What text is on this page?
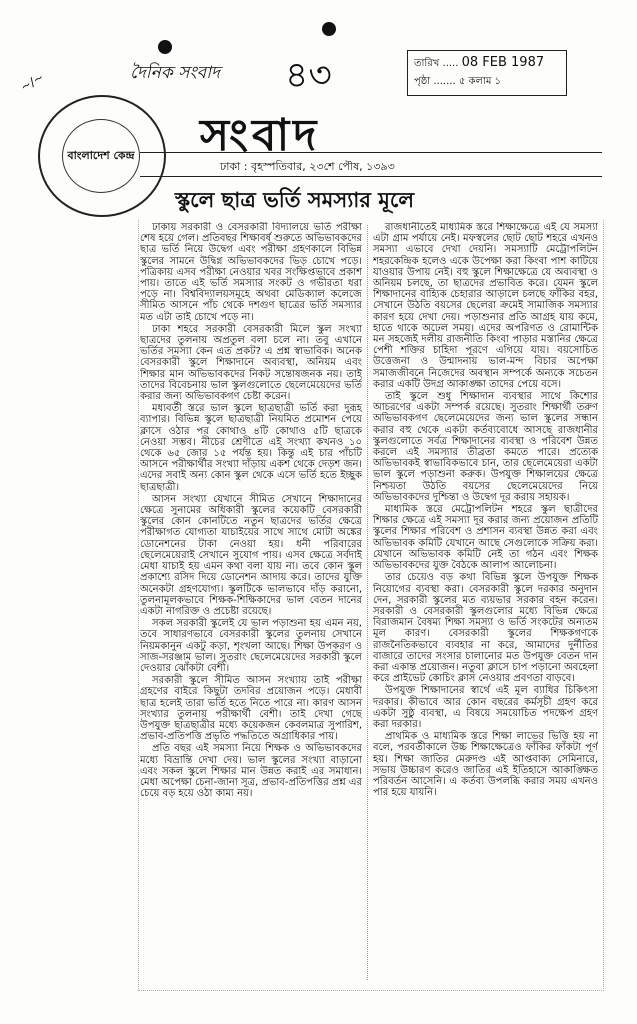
~/~	দৈনিক সংবাদ ৪৩	তারিখ ..... 08 FEB 1987
পৃষ্ঠা ....... ৫ কলাম ১
বাংলাদেশ কেন্দ্র সংবাদ
ঢাকা : বৃহস্পতিবার, ২৩শে পৌষ, ১৩৯৩
স্কুলে ছাত্র ভর্তি সমস্যার মূলে

ঢাকায় সরকারী ও বেসরকারী বিদ্যালয়ে ভর্তি পরীক্ষা শেষ হয়ে গেল। প্রতিবছর শিক্ষাবর্ষ শুরুতে অভিভাবকদের ছাত্র ভর্তি নিয়ে উদ্বেগ এবং পরীক্ষা গ্রহণকালে বিভিন্ন স্কুলের সামনে উদ্বিগ্ন অভিভাবকদের ভিড় চোখে পড়ে। পত্রিকায় এসব পরীক্ষা নেওয়ার খবর সংক্ষিপ্তভাবে প্রকাশ পায়। তাতে এই ভর্তি সমস্যার সংকট ও গভীরতা ধরা পড়ে না। বিশ্ববিদ্যালয়সমূহে অথবা মেডিক্যাল কলেজে সীমিত আসনে পাঁচ থেকে দশগুণ ছাত্রের ভর্তি সমস্যার মত এটা তাই চোখে পড়ে না।

ঢাকা শহরে সরকারী বেসরকারী মিলে স্কুল সংখ্যা ছাত্রদের তুলনায় অপ্রতুল বলা চলে না। তবু এখানে ভর্তির সমস্যা কেন এত প্রকট? এ প্রশ্ন স্বাভাবিক। অনেক বেসরকারী স্কুলে শিক্ষাদানে অব্যবস্থা, অনিয়ম এবং শিক্ষার মান অভিভাবকদের নিকট সন্তোষজনক নয়। তাই তাদের বিবেচনায় ভাল স্কুলগুলোতে ছেলেমেয়েদের ভর্তি করার জন্য অভিভাবকগণ চেষ্টা করেন।

মধ্যবর্তী স্তরে ভাল স্কুলে ছাত্রছাত্রী ভর্তি করা দুরূহ ব্যাপার। বিভিন্ন স্কুলে ছাত্রছাত্রী নিয়মিত প্রমোশন পেয়ে ক্লাসে ওঠার পর কোথাও ৪টি কোথাও ৫টি ছাত্রকে নেওয়া সম্ভব। নীচের শ্রেণীতে এই সংখ্যা কখনও ১০ থেকে ৬৫ জোর ১৫ পর্যন্ত হয়। কিন্তু এই চার পাঁচটি আসনে পরীক্ষার্থীর সংখ্যা দাঁড়ায় একশ থেকে দেড়শ জন। এদের সবাই অন্য কোন স্কুল থেকে এসে ভর্তি হতে ইচ্ছুক ছাত্রছাত্রী।

আসন সংখ্যা যেখানে সীমিত সেখানে শিক্ষাদানের ক্ষেত্রে সুনামের অধিকারী স্কুলের কয়েকটি বেসরকারী স্কুলের কোন কোনটিতে নতুন ছাত্রদের ভর্তির ক্ষেত্রে পরীক্ষাগত যোগ্যতা যাচাইয়ের সাথে সাথে মোটা অঙ্কের ডোনেশনের টাকা নেওয়া হয়। ধনী পরিবারের ছেলেমেয়েরাই সেখানে সুযোগ পায়। এসব ক্ষেত্রে সর্বদাই মেধা যাচাই হয় এমন কথা বলা যায় না। তবে কোন স্কুল প্রকাশ্যে রসিদ দিয়ে ডোনেশন আদায় করে। তাদের যুক্তি অনেকটা গ্রহণযোগ্য। স্কুলটিকে ভালভাবে দাঁড় করানো, তুলনামূলকভাবে শিক্ষক-শিক্ষিকাদের ভাল বেতন দানের একটা নাগরিক্ত ও প্রচেষ্টা রয়েছে।

সকল সরকারী স্কুলেই যে ভাল পড়াশুনা হয় এমন নয়, তবে সাধারণভাবে বেসরকারী স্কুলের তুলনায় সেখানে নিয়মকানুন একটু কড়া, শৃংখলা আছে। শিক্ষা উপকরণ ও সাজ-সরঞ্জাম ভাল। সুতরাং ছেলেমেয়েদের সরকারী স্কুলে দেওয়ার ঝোঁকটা বেশী।

সরকারী স্কুলে সীমিত আসন সংখ্যায় তাই পরীক্ষা গ্রহণের বাইরে কিছুটা তদবির প্রয়োজন পড়ে। মেধাবী ছাত্র হলেই তারা ভর্তি হতে নিতে পারে না। কারণ আসন সংখ্যার তুলনায় পরীক্ষার্থী বেশী। তাই দেখা গেছে উপযুক্ত ছাত্রছাত্রীর মধ্যে কয়েকজন কেবলমাত্র সুপারিশ, প্রভাব-প্রতিপত্তি প্রভৃতি পদ্ধতিতে অগ্রাধিকার পায়।

প্রতি বছর এই সমস্যা নিয়ে শিক্ষক ও অভিভাবকদের মধ্যে বিভ্রান্তি দেখা দেয়। ভাল স্কুলের সংখ্যা বাড়ানো এবং সকল স্কুলে শিক্ষার মান উন্নত করাই এর সমাধান। মেধা অপেক্ষা চেনা-জানা সূত্র, প্রভাব-প্রতিপত্তির প্রশ্ন এর চেয়ে বড় হয়ে ওঠা কাম্য নয়।

রাজধানীতেই মাধ্যমিক স্তরে শিক্ষাক্ষেত্রে এই যে সমস্যা এটা গ্রাম পর্যায়ে নেই। মফস্বলের ছোট ছোট শহরে এখনও সমস্যা এভাবে দেখা দেয়নি। সমস্যাটি মেট্রোপলিটন শহরকেন্দ্রিক হলেও একে উপেক্ষা করা কিংবা পাশ কাটিয়ে যাওয়ার উপায় নেই। বহু স্কুলে শিক্ষাক্ষেত্রে যে অব্যবস্থা ও অনিয়ম চলছে, তা ছাত্রদের প্রভাবিত করে। যেমন স্কুলে শিক্ষাদানের বাহ্যিক চেহারার আড়ালে চলছে ফাঁকির বহর, সেখানে উঠতি বয়সের ছেলেরা ক্রমেই সামাজিক সমস্যার কারণ হয়ে দেখা দেয়। পড়াশুনার প্রতি আগ্রহ যায় কমে, হাতে থাকে অঢেল সময়। এদের অপরিণত ও রোমান্টিক মন সহজেই দলীয় রাজনীতি কিংবা পাড়ার মস্তানির ক্ষেত্রে পেশী শক্তির চাহিদা পূরণে এগিয়ে যায়। বয়সোচিত উত্তেজনা ও উন্মাদনায় ভাল-মন্দ বিচার অপেক্ষা সমাজজীবনে নিজেদের অবস্থান সম্পর্কে অন্যকে সচেতন করার একটি উদগ্র আকাঙ্ক্ষা তাদের পেয়ে বসে।

তাই স্কুলে শুধু শিক্ষাদান ব্যবস্থার সাথে কিশোর আচরণের একটা সম্পর্ক রয়েছে। সুতরাং শিক্ষার্থী তরুণ অভিভাবকগণ ছেলেমেয়েদের জন্য ভাল স্কুলের সন্ধান করার বহু থেকে একটা কর্তব্যবোধে আসছে রাজধানীর স্কুলগুলোতে সর্বত্র শিক্ষাদানের ব্যবস্থা ও পরিবেশ উন্নত করলে এই সমস্যার তীব্রতা কমতে পারে। প্রত্যেক অভিভাবকই স্বাভাবিকভাবে চান, তার ছেলেমেয়েরা একটা ভাল স্কুলে পড়াশুনা করুক। উপযুক্ত শিক্ষালয়ের ক্ষেত্রে নিশ্চয়তা উঠতি বয়সের ছেলেমেয়েদের নিয়ে অভিভাবকদের দুশ্চিন্তা ও উদ্বেগ দূর করায় সহায়ক।

মাধ্যমিক স্তরে মেট্রোপলিটন শহরে স্কুল ছাত্রীদের শিক্ষার ক্ষেত্রে এই সমস্যা দূর করার জন্য প্রয়োজন প্রতিটি স্কুলের শিক্ষার পরিবেশ ও প্রশাসন ব্যবস্থা উন্নত করা এবং অভিভাবক কমিটি যেখানে আছে সেগুলোকে সক্রিয় করা। যেখানে অভিভাবক কমিটি নেই তা গঠন এবং শিক্ষক অভিভাবকদের যুক্ত বৈঠকে আলাপ আলোচনা।

তার চেয়েও বড় কথা বিভিন্ন স্কুলে উপযুক্ত শিক্ষক নিয়োগের ব্যবস্থা করা। বেসরকারী স্কুলে দরকার অনুদান দেন, সরকারী স্কুলের মত ব্যয়ভার সরকার বহন করেন। সরকারী ও বেসরকারী স্কুলগুলোর মধ্যে বিভিন্ন ক্ষেত্রে বিরাজমান বৈষম্য শিক্ষা সমস্যা ও ভর্তি সংকটের অন্যতম মূল কারণ। বেসরকারী স্কুলের শিক্ষকগণকে রাজনৈতিকভাবে ব্যবহার না করে, আমাদের দুর্নীতির বাজারে তাদের সংসার চালানোর মত উপযুক্ত বেতন দান করা একান্ত প্রয়োজন। নতুবা ক্লাসে চাপ পড়ানো অবহেলা করে প্রাইভেট কোচিং ক্লাস নেওয়ার প্রবণতা বাড়বে।

উপযুক্ত শিক্ষাদানের স্বার্থে এই মূল ব্যাধির চিকিৎসা দরকার। কীভাবে আর কোন বছরের কর্মসূচী গ্রহণ করে একটা সুষ্ঠু ব্যবস্থা, এ বিষয়ে সময়োচিত পদক্ষেপ গ্রহণ করা দরকার।

প্রাথমিক ও মাধ্যমিক স্তরে শিক্ষা লাভের ভিত্তি হয় না বলে, পরবর্তীকালে উচ্চ শিক্ষাক্ষেত্রেও ফাঁকির ফাঁকটা পূর্ণ হয়। শিক্ষা জাতির মেরুদণ্ড এই আপ্তবাক্য সেমিনারে, সভায় উচ্চারণ করেও জাতির এই ইতিহাসে আকাঙ্ক্ষিত পরিবর্তন আসেনি। এ কর্তব্য উপলব্ধি করার সময় এখনও পার হয়ে যায়নি।
